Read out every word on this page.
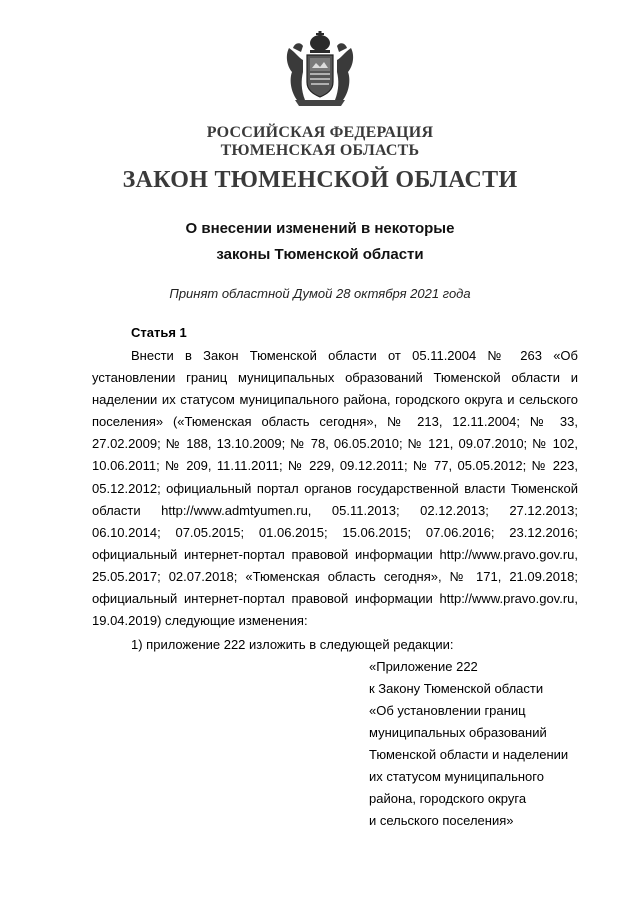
РОССИЙСКАЯ ФЕДЕРАЦИЯ

ТЮМЕНСКАЯ ОБЛАСТЬ

ЗАКОН ТЮМЕНСКОЙ ОБЛАСТИ

О внесении изменений в некоторые

законы Тюменской области

Принят областной Думой 28 октября 2021 года

Статья 1

Внести в Закон Тюменской области от 05.11.2004 № 263 «Об установлении границ муниципальных образований Тюменской области и наделении их статусом муниципального района, городского округа и сельского поселения» («Тюменская область сегодня», № 213, 12.11.2004; № 33, 27.02.2009; № 188, 13.10.2009; № 78, 06.05.2010; № 121, 09.07.2010; № 102, 10.06.2011; № 209, 11.11.2011; № 229, 09.12.2011; № 77, 05.05.2012; № 223, 05.12.2012; официальный портал органов государственной власти Тюменской области http://www.admtyumen.ru, 05.11.2013; 02.12.2013; 27.12.2013; 06.10.2014; 07.05.2015; 01.06.2015; 15.06.2015; 07.06.2016; 23.12.2016; официальный интернет-портал правовой информации http://www.pravo.gov.ru, 25.05.2017; 02.07.2018; «Тюменская область сегодня», № 171, 21.09.2018; официальный интернет-портал правовой информации http://www.pravo.gov.ru, 19.04.2019) следующие изменения:

1) приложение 222 изложить в следующей редакции:

«Приложение 222
к Закону Тюменской области
«Об установлении границ
муниципальных образований
Тюменской области и наделении
их статусом муниципального
района, городского округа
и сельского поселения»
